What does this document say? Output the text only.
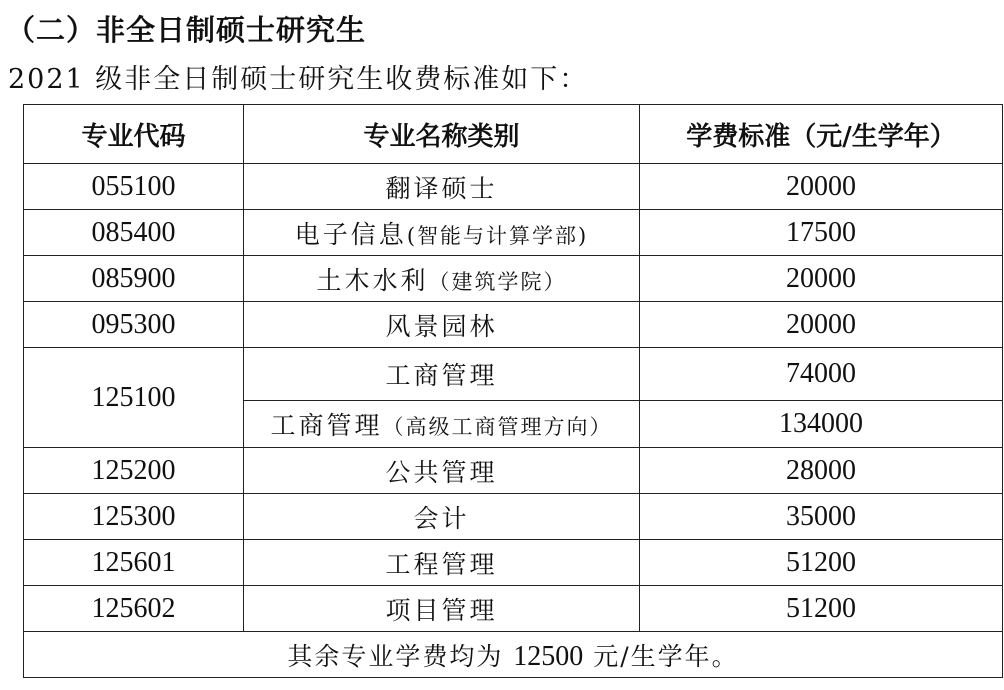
（二）非全日制硕士研究生
2021 级非全日制硕士研究生收费标准如下：
专业代码	专业名称类别	学费标准（元/生学年）
055100	翻译硕士	20000
085400	电子信息(智能与计算学部)	17500
085900	土木水利（建筑学院）	20000
095300	风景园林	20000
125100	工商管理	74000
	工商管理（高级工商管理方向）	134000
125200	公共管理	28000
125300	会计	35000
125601	工程管理	51200
125602	项目管理	51200
其余专业学费均为 12500 元/生学年。		
